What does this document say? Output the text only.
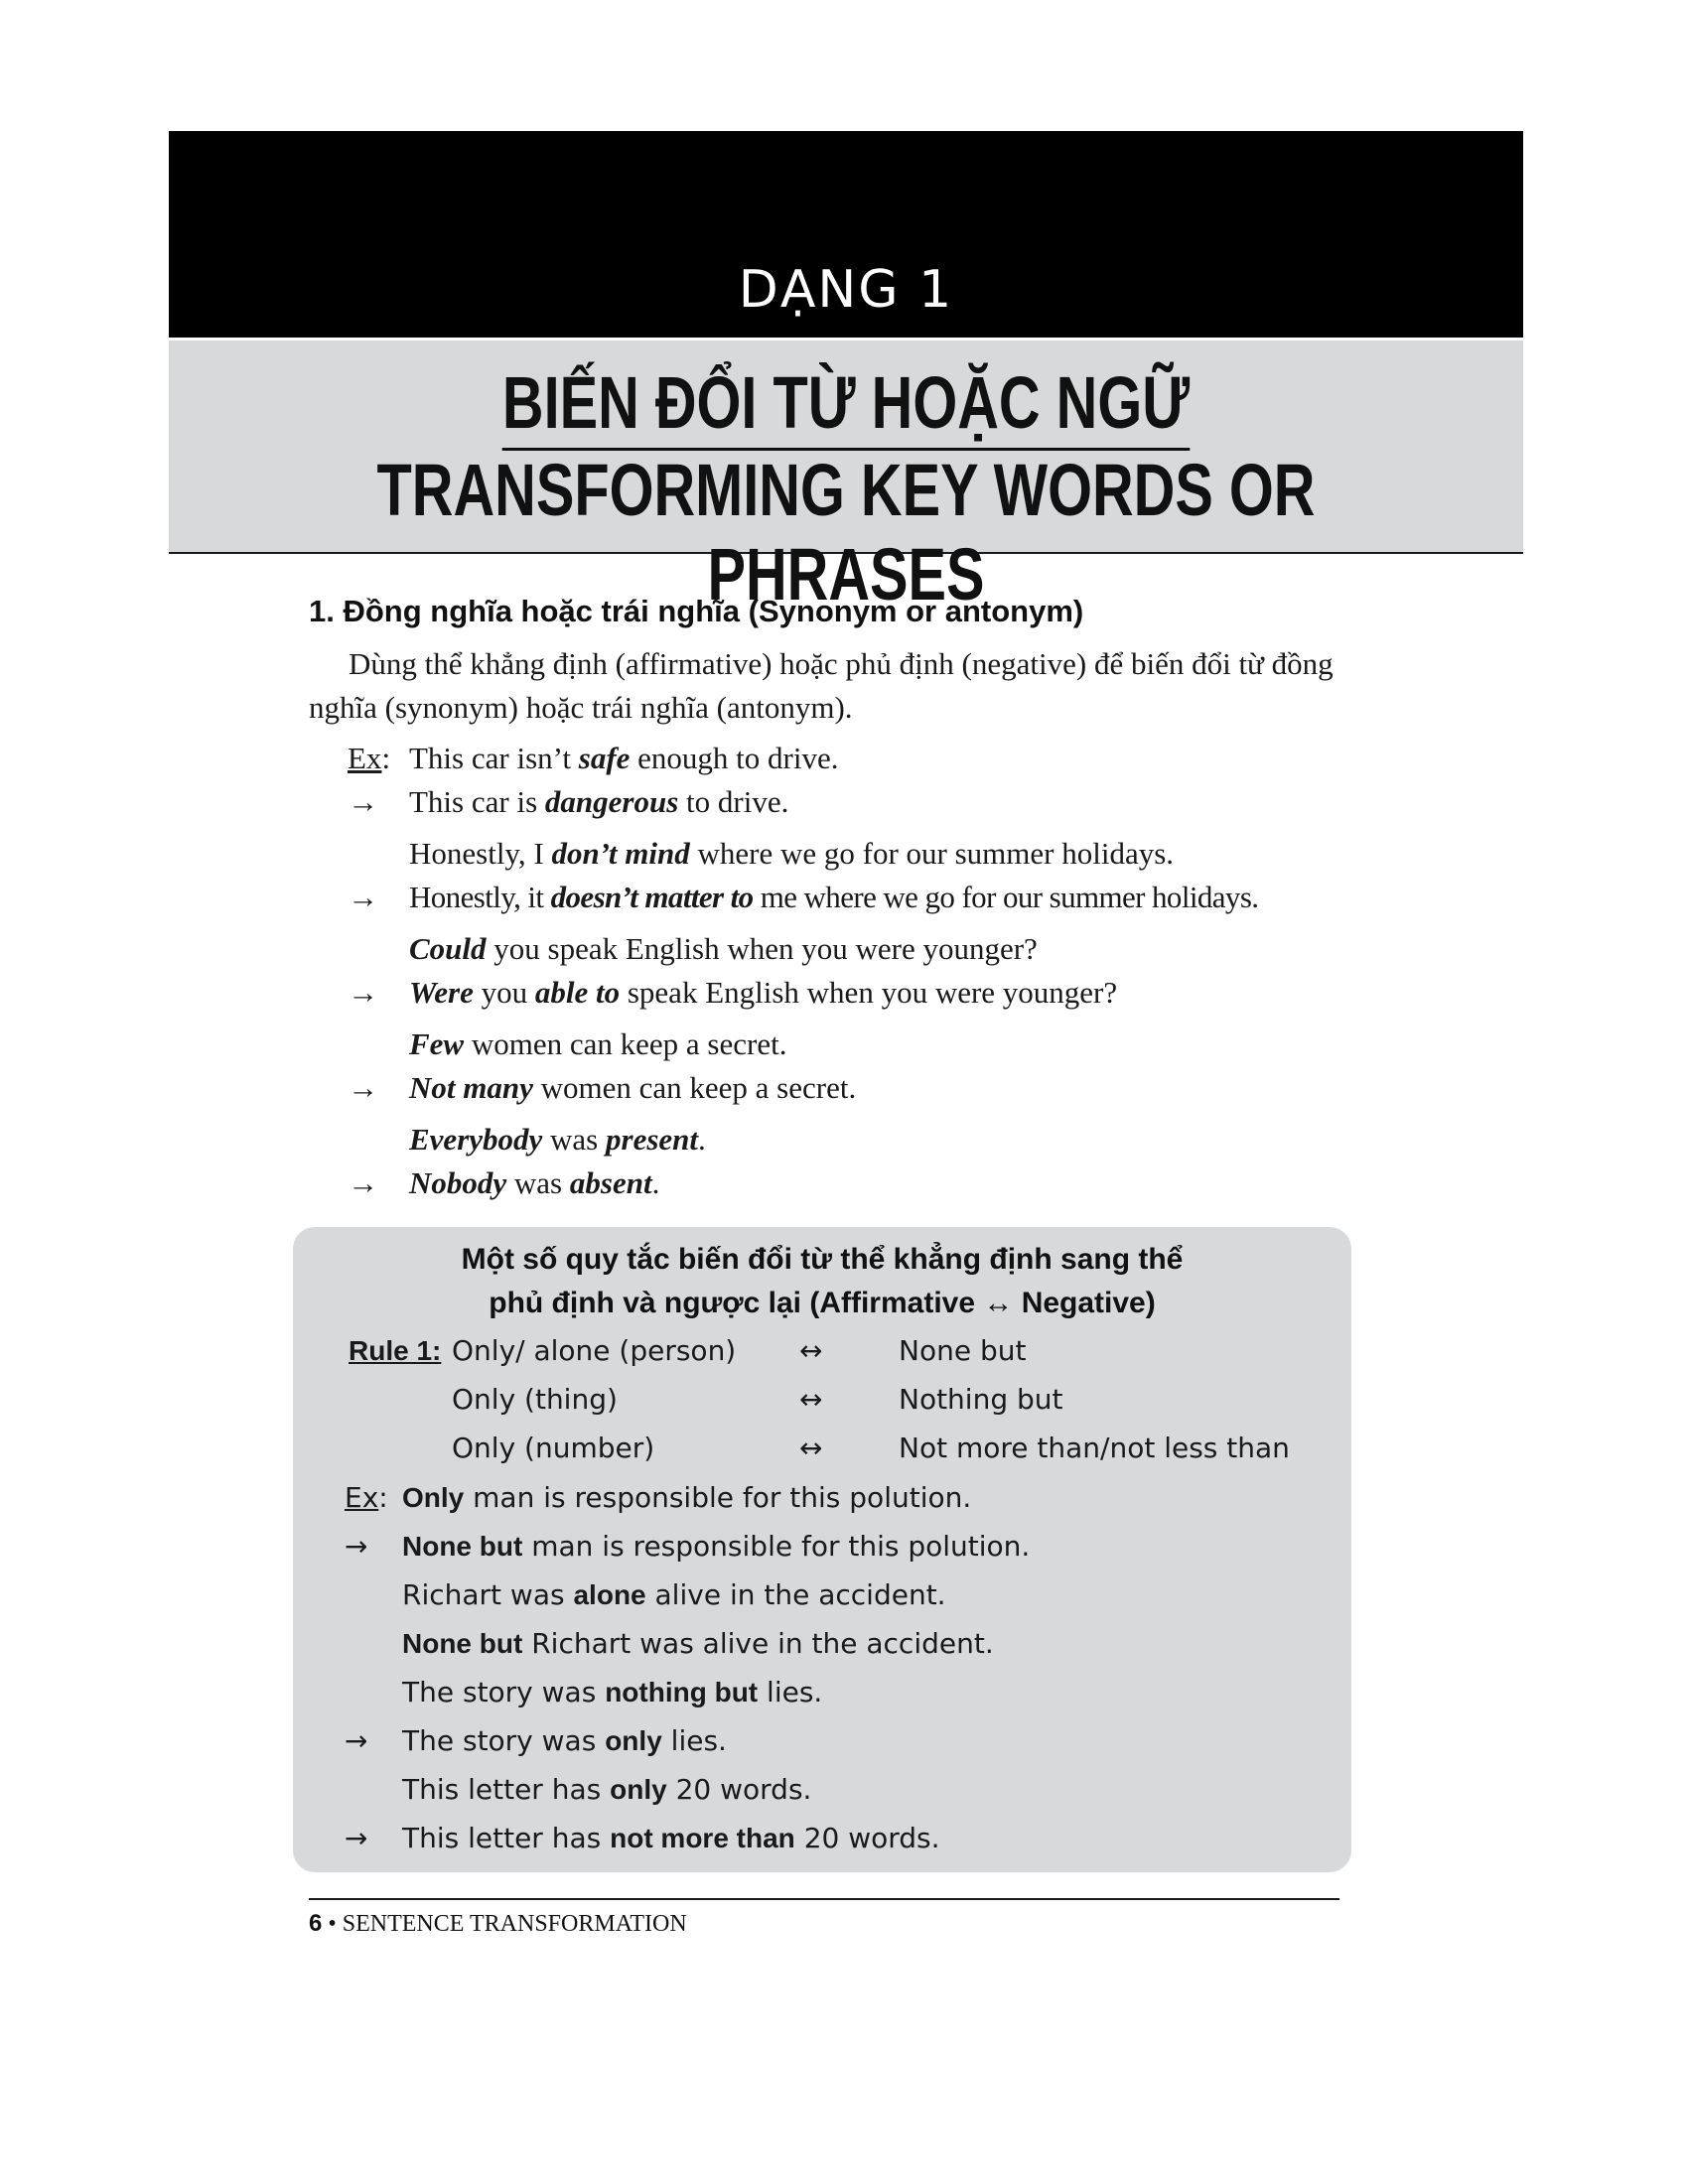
DẠNG 1
BIẾN ĐỔI TỪ HOẶC NGỮ
TRANSFORMING KEY WORDS OR PHRASES
1. Đồng nghĩa hoặc trái nghĩa (Synonym or antonym)
Dùng thể khẳng định (affirmative) hoặc phủ định (negative) để biến đổi từ đồng nghĩa (synonym) hoặc trái nghĩa (antonym).
Ex: This car isn’t safe enough to drive.
→ This car is dangerous to drive.
Honestly, I don’t mind where we go for our summer holidays.
→ Honestly, it doesn’t matter to me where we go for our summer holidays.
Could you speak English when you were younger?
→ Were you able to speak English when you were younger?
Few women can keep a secret.
→ Not many women can keep a secret.
Everybody was present.
→ Nobody was absent.
Một số quy tắc biến đổi từ thể khẳng định sang thể
phủ định và ngược lại (Affirmative ↔ Negative)
Rule 1: Only/ alone (person) ↔	None but
Only (thing)	↔	Nothing but
Only (number)	↔	Not more than/not less than
Ex: Only man is responsible for this polution.
→ None but man is responsible for this polution.
Richart was alone alive in the accident.
None but Richart was alive in the accident.
The story was nothing but lies.
→ The story was only lies.
This letter has only 20 words.
→ This letter has not more than 20 words.
6 • SENTENCE TRANSFORMATION
